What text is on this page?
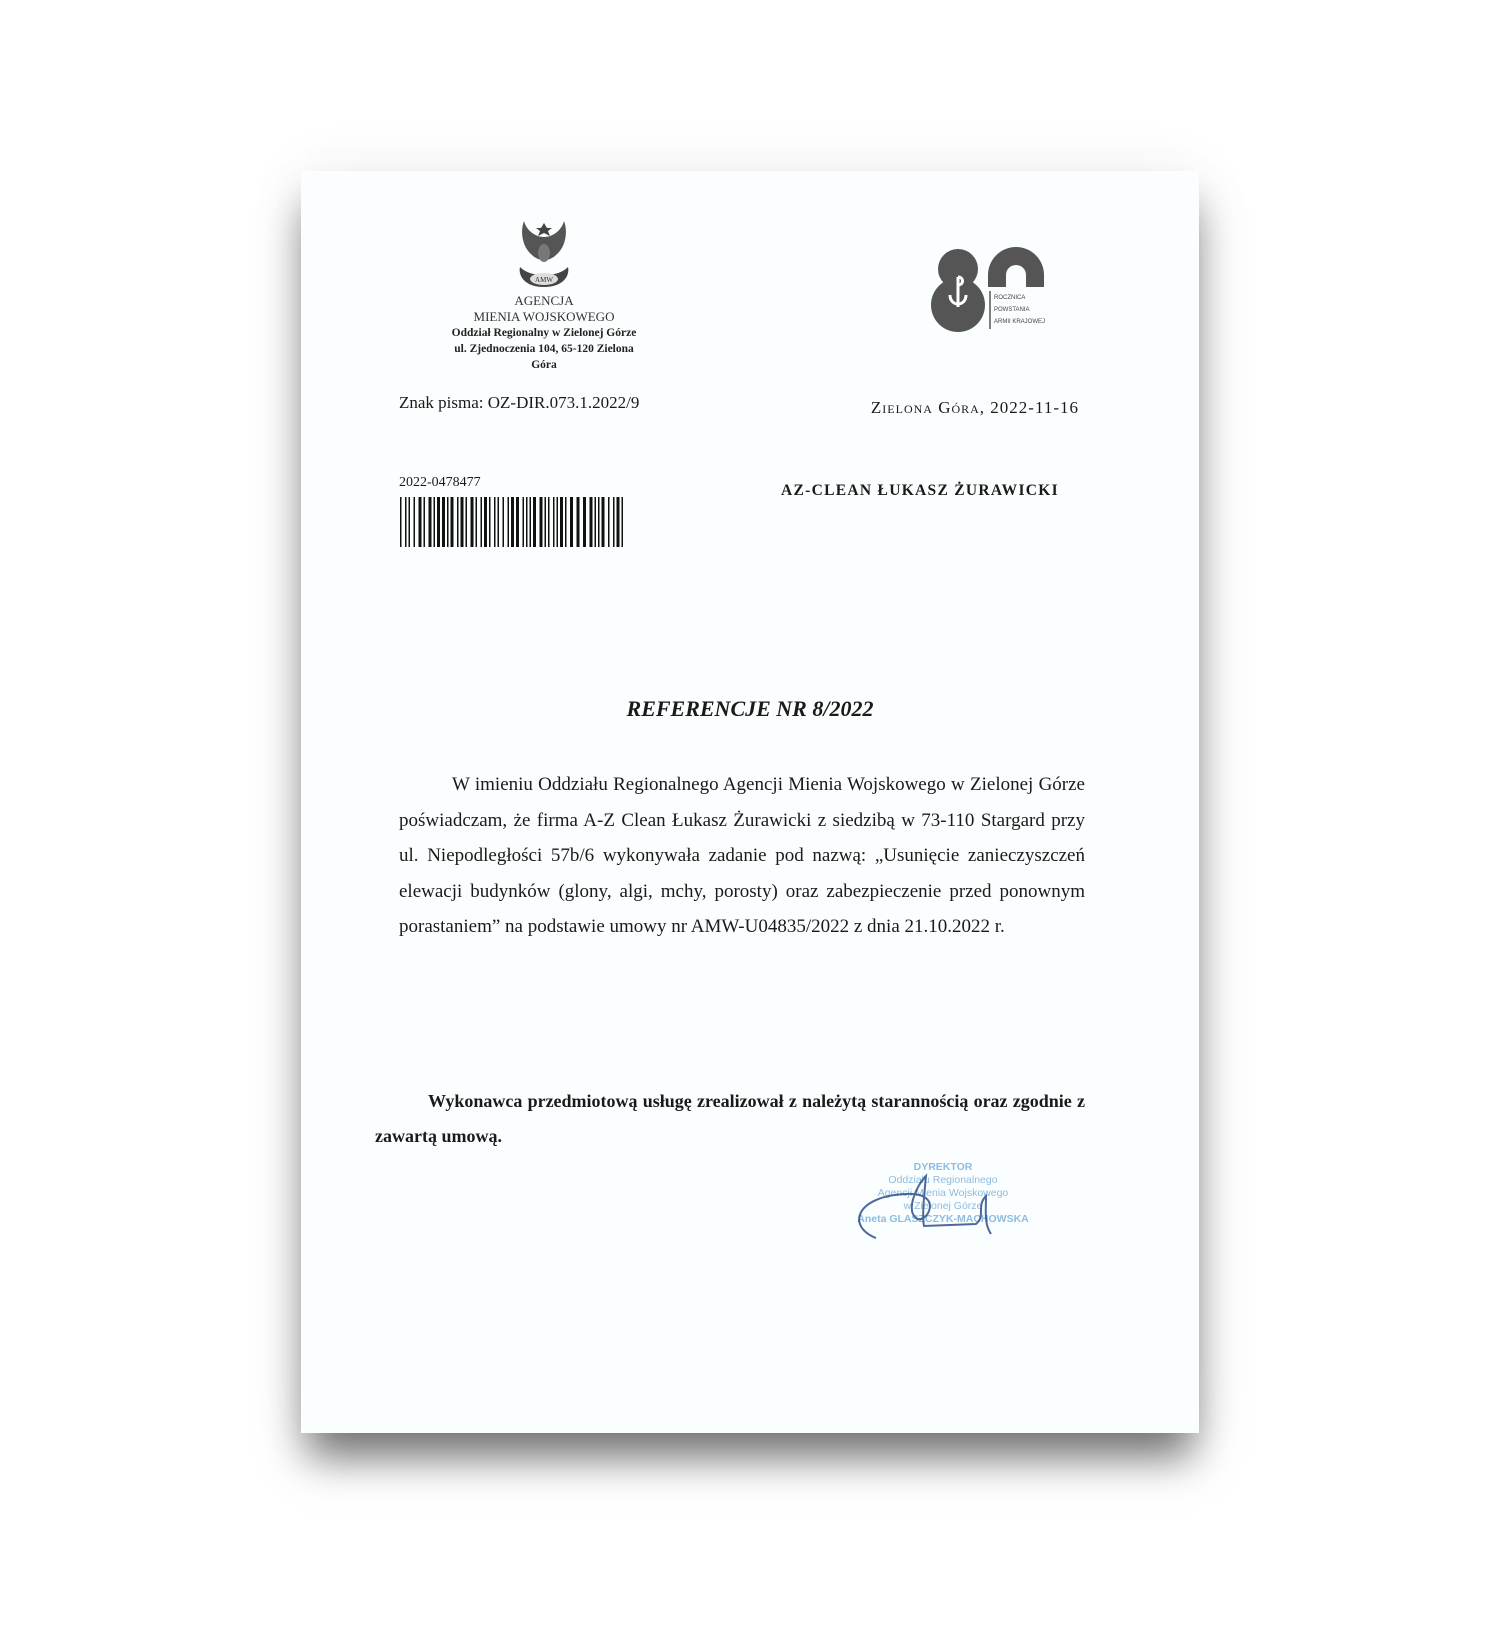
AMW
AGENCJA
MIENIA WOJSKOWEGO
Oddział Regionalny w Zielonej Górze
ul. Zjednoczenia 104, 65-120 Zielona Góra
ROCZNICA
POWSTANIA
ARMII KRAJOWEJ
Znak pisma: OZ-DIR.073.1.2022/9	Zielona Góra, 2022-11-16
2022-0478477	AZ-CLEAN ŁUKASZ ŻURAWICKI
REFERENCJE NR 8/2022

W imieniu Oddziału Regionalnego Agencji Mienia Wojskowego w Zielonej Górze poświadczam, że firma A-Z Clean Łukasz Żurawicki z siedzibą w 73-110 Stargard przy ul. Niepodległości 57b/6 wykonywała zadanie pod nazwą: „Usunięcie zanieczyszczeń elewacji budynków (glony, algi, mchy, porosty) oraz zabezpieczenie przed ponownym porastaniem” na podstawie umowy nr AMW-U04835/2022 z dnia 21.10.2022 r.

Wykonawca przedmiotową usługę zrealizował z należytą starannością oraz zgodnie z zawartą umową.

DYREKTOR
Oddziału Regionalnego
Agencji Mienia Wojskowego
w Zielonej Górze
Aneta GLASZCZYK-MACHOWSKA
